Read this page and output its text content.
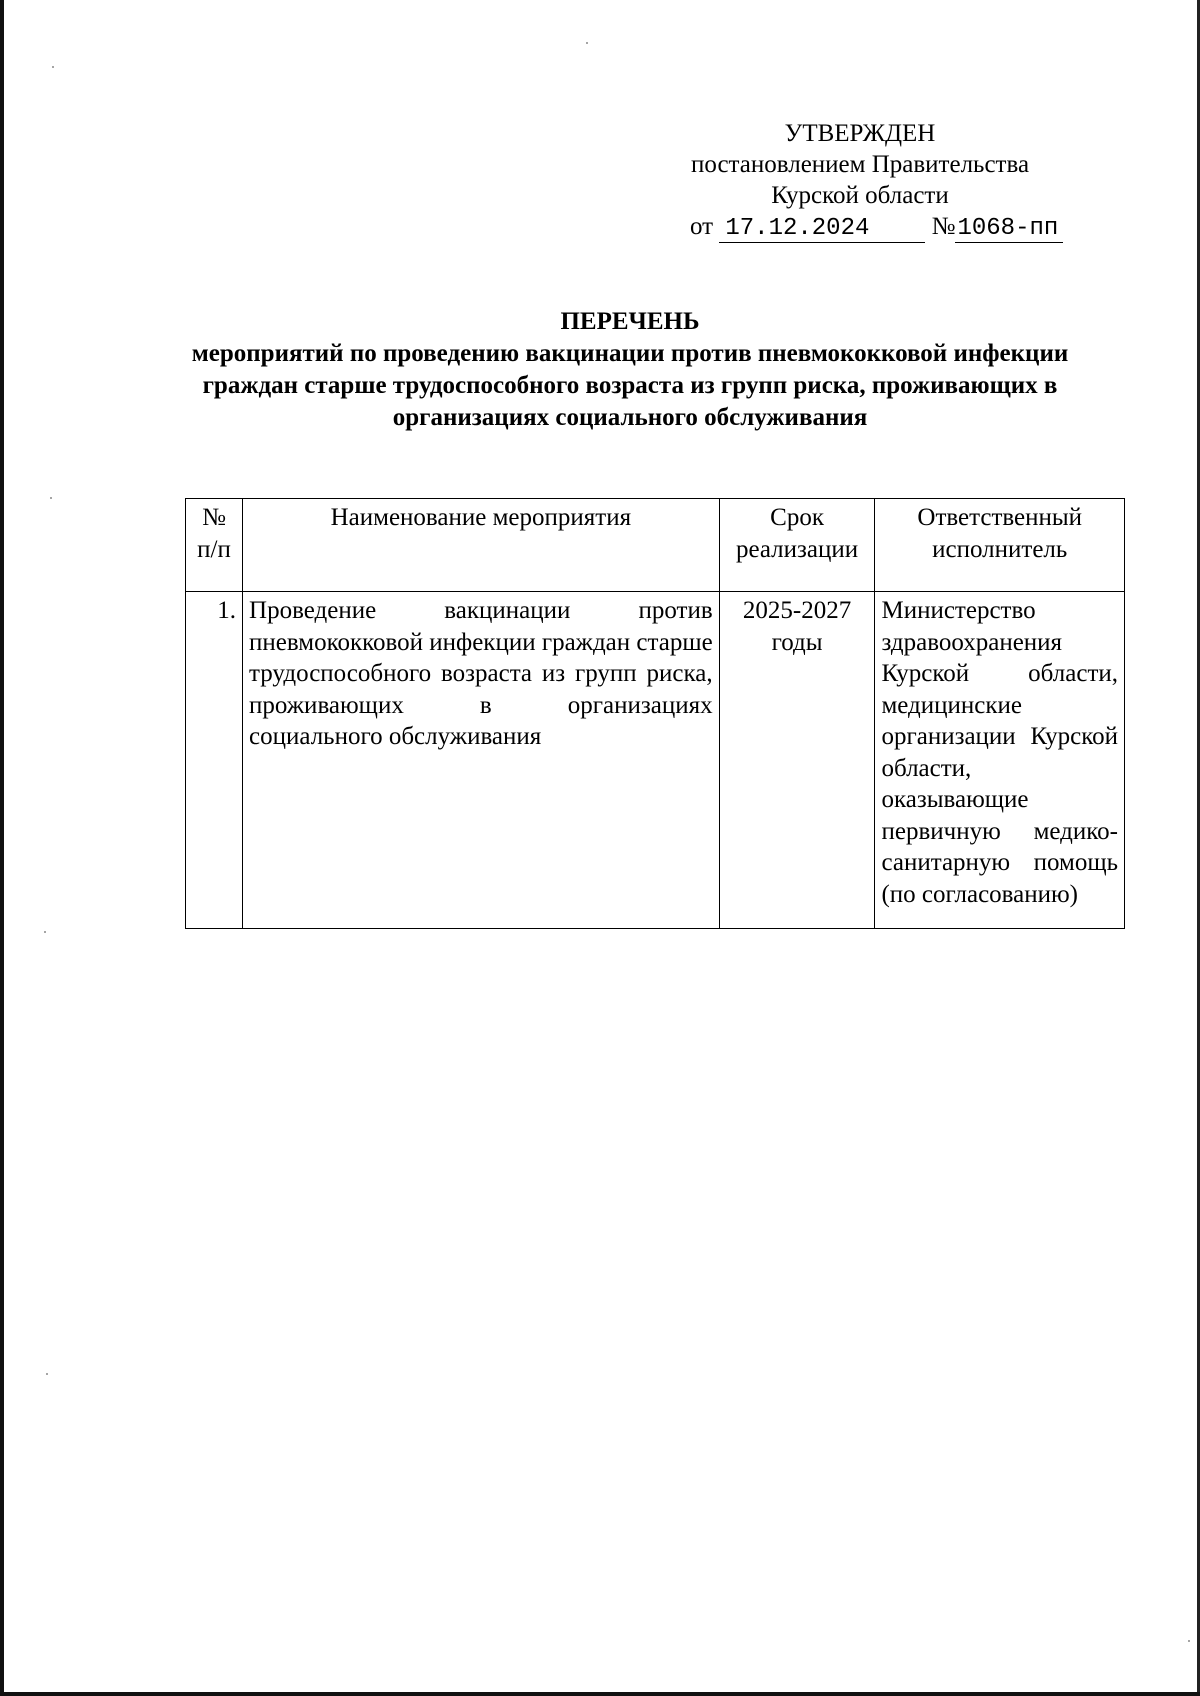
УТВЕРЖДЕН
постановлением Правительства
Курской области
от 17.12.2024 №1068-пп
ПЕРЕЧЕНЬ
мероприятий по проведению вакцинации против пневмококковой инфекции граждан старше трудоспособного возраста из групп риска, проживающих в организациях социального обслуживания
№ п/п	Наименование мероприятия	Срок реализации	Ответственный исполнитель
1.	Проведение вакцинации против пневмококковой инфекции граждан старше трудоспособного возраста из групп риска, проживающих в организациях социального обслуживания	2025-2027 годы	Министерство здравоохранения Курской области, медицинские организации Курской области, оказывающие первичную медико-санитарную помощь (по согласованию)
